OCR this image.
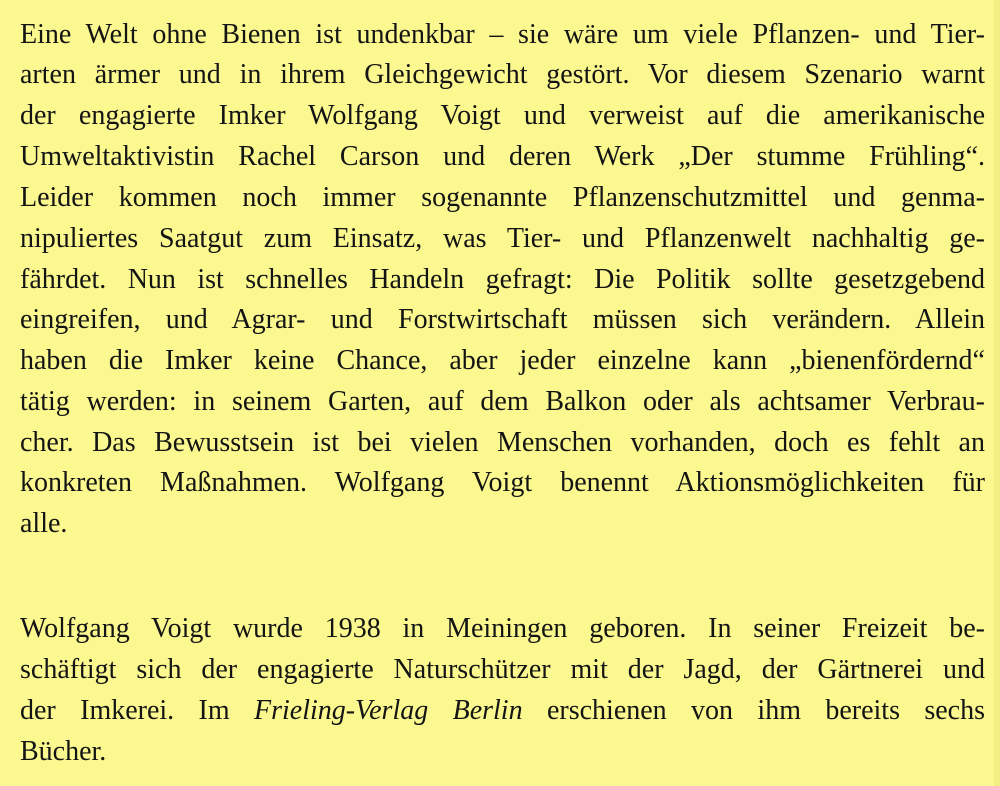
Eine Welt ohne Bienen ist undenkbar – sie wäre um viele Pflanzen- und Tier-

arten ärmer und in ihrem Gleichgewicht gestört. Vor diesem Szenario warnt

der engagierte Imker Wolfgang Voigt und verweist auf die amerikanische

Umweltaktivistin Rachel Carson und deren Werk „Der stumme Frühling“.

Leider kommen noch immer sogenannte Pflanzenschutzmittel und genma-

nipuliertes Saatgut zum Einsatz, was Tier- und Pflanzenwelt nachhaltig ge-

fährdet. Nun ist schnelles Handeln gefragt: Die Politik sollte gesetzgebend

eingreifen, und Agrar- und Forstwirtschaft müssen sich verändern. Allein

haben die Imker keine Chance, aber jeder einzelne kann „bienenfördernd“

tätig werden: in seinem Garten, auf dem Balkon oder als achtsamer Verbrau-

cher. Das Bewusstsein ist bei vielen Menschen vorhanden, doch es fehlt an

konkreten Maßnahmen. Wolfgang Voigt benennt Aktionsmöglichkeiten für

alle.

Wolfgang Voigt wurde 1938 in Meiningen geboren. In seiner Freizeit be-

schäftigt sich der engagierte Naturschützer mit der Jagd, der Gärtnerei und

der Imkerei. Im Frieling-Verlag Berlin erschienen von ihm bereits sechs

Bücher.
